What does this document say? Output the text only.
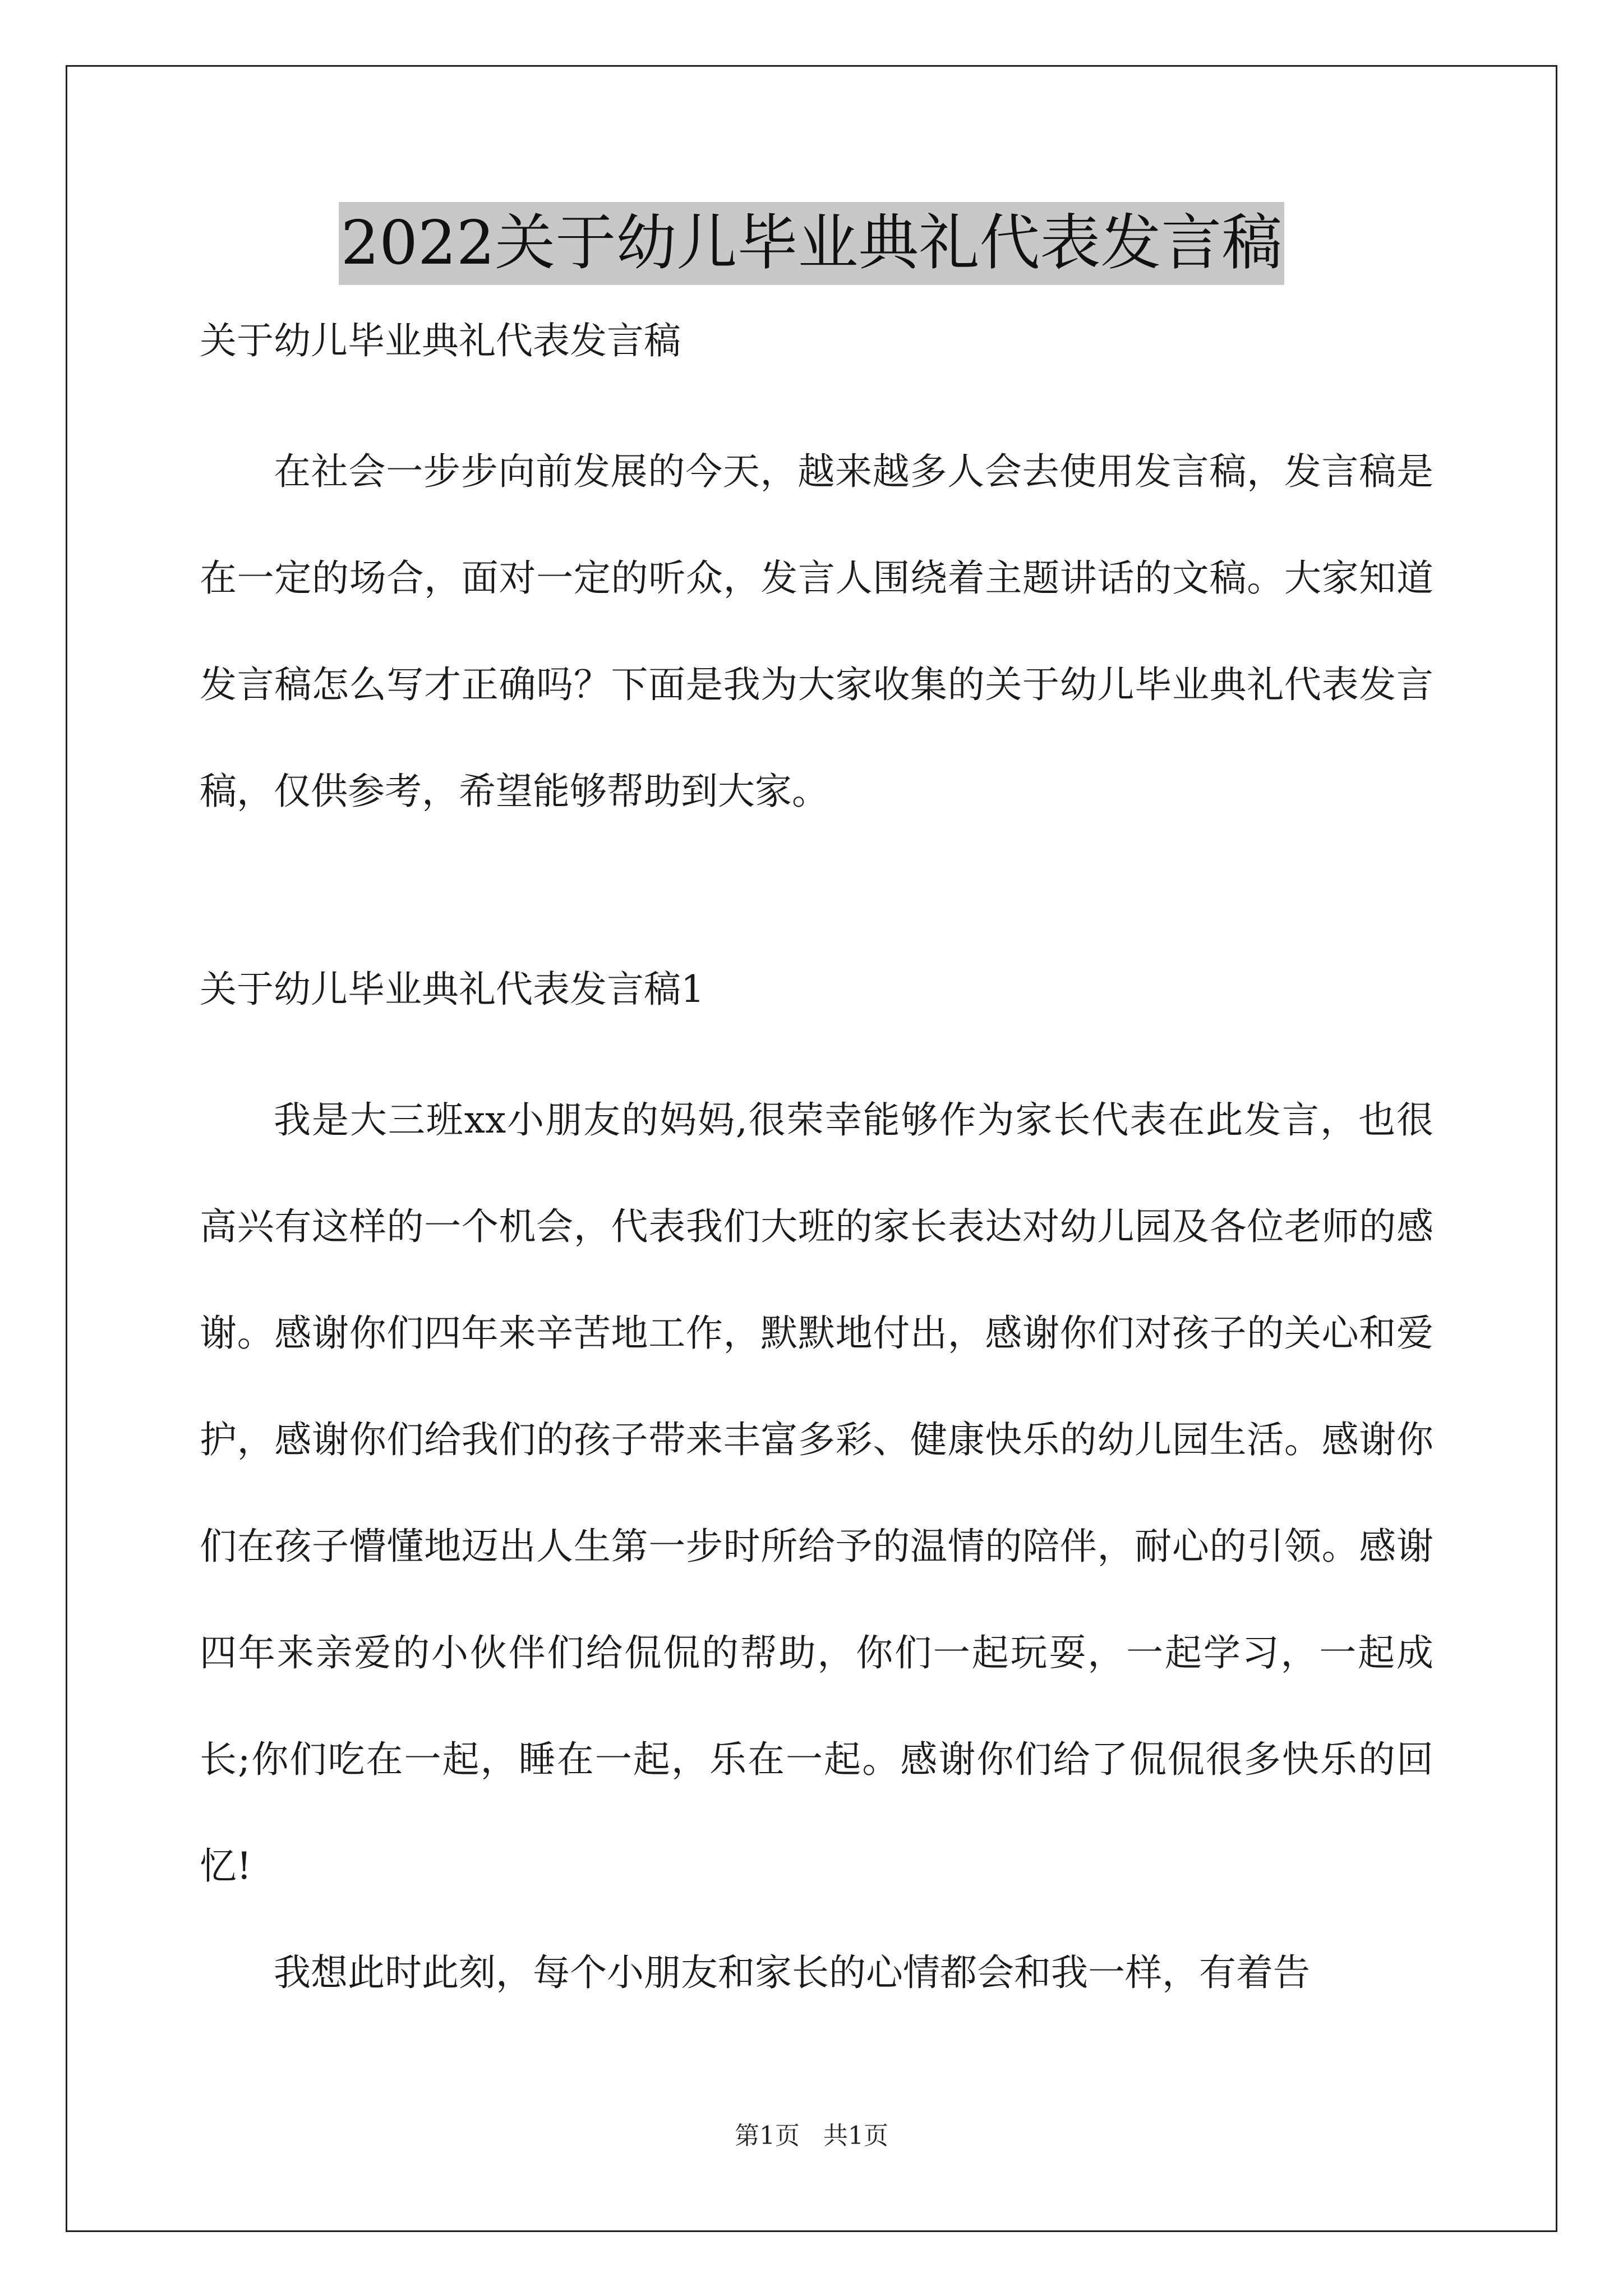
2022关于幼儿毕业典礼代表发言稿

关于幼儿毕业典礼代表发言稿

在社会一步步向前发展的今天，越来越多人会去使用发言稿，发言稿是在一定的场合，面对一定的听众，发言人围绕着主题讲话的文稿。大家知道发言稿怎么写才正确吗？下面是我为大家收集的关于幼儿毕业典礼代表发言稿，仅供参考，希望能够帮助到大家。

关于幼儿毕业典礼代表发言稿1

我是大三班xx小朋友的妈妈,很荣幸能够作为家长代表在此发言，也很高兴有这样的一个机会，代表我们大班的家长表达对幼儿园及各位老师的感谢。感谢你们四年来辛苦地工作，默默地付出，感谢你们对孩子的关心和爱护，感谢你们给我们的孩子带来丰富多彩、健康快乐的幼儿园生活。感谢你们在孩子懵懂地迈出人生第一步时所给予的温情的陪伴，耐心的引领。感谢四年来亲爱的小伙伴们给侃侃的帮助，你们一起玩耍，一起学习，一起成长;你们吃在一起，睡在一起，乐在一起。感谢你们给了侃侃很多快乐的回忆!

我想此时此刻，每个小朋友和家长的心情都会和我一样，有着告

第1页 共1页
